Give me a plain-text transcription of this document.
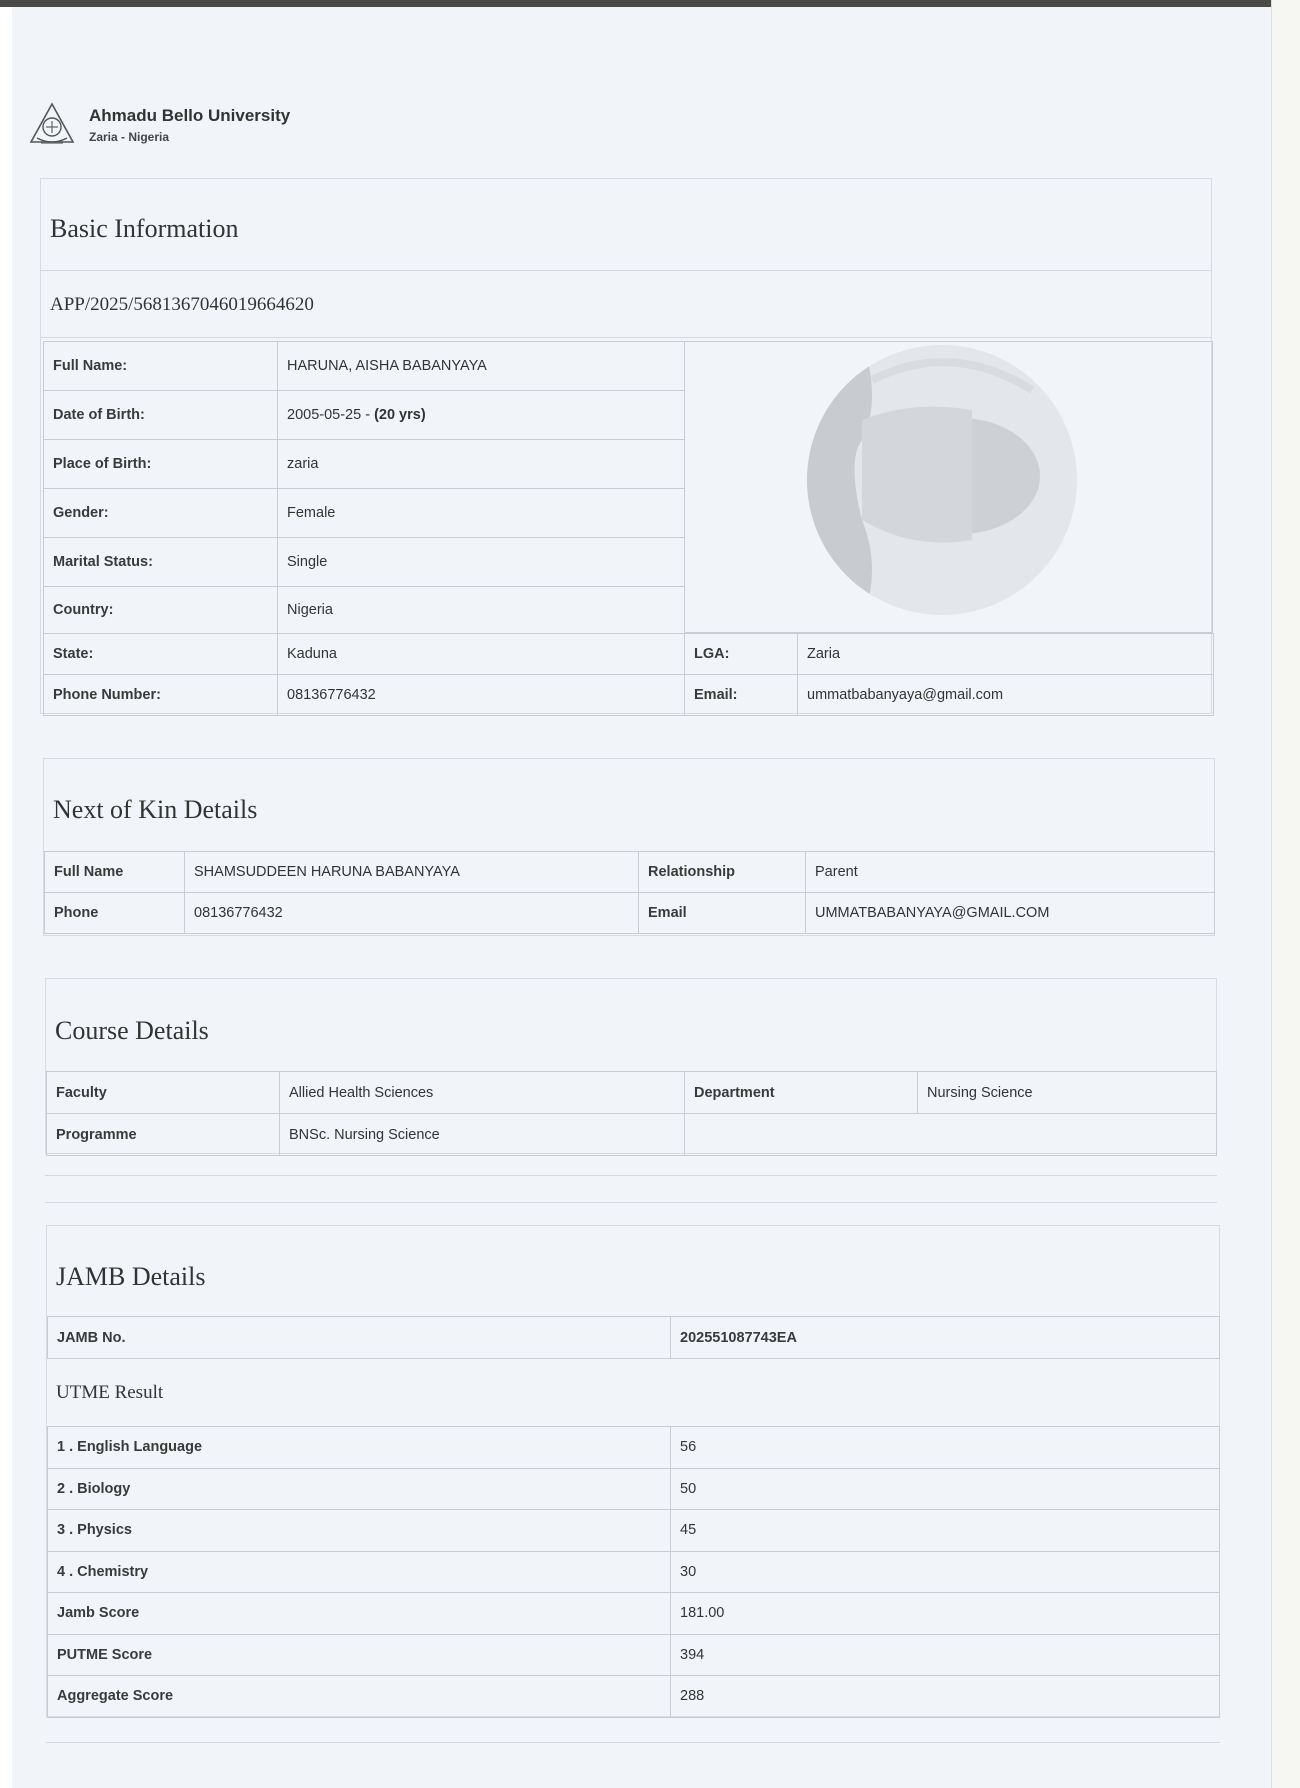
Ahmadu Bello University
Zaria - Nigeria
Basic Information
APP/2025/5681367046019664620
Full Name:	HARUNA, AISHA BABANYAYA
Date of Birth:	2005-05-25 - (20 yrs)
Place of Birth:	zaria
Gender:	Female
Marital Status:	Single
Country:	Nigeria
State:	Kaduna	LGA:	Zaria
Phone Number:	08136776432	Email:	ummatbabanyaya@gmail.com
Next of Kin Details
Full Name	SHAMSUDDEEN HARUNA BABANYAYA	Relationship	Parent
Phone	08136776432	Email	UMMATBABANYAYA@GMAIL.COM
Course Details
Faculty	Allied Health Sciences	Department	Nursing Science
Programme	BNSc. Nursing Science		
JAMB Details
JAMB No.	202551087743EA
UTME Result
1 . English Language	56
2 . Biology	50
3 . Physics	45
4 . Chemistry	30
Jamb Score	181.00
PUTME Score	394
Aggregate Score	288
